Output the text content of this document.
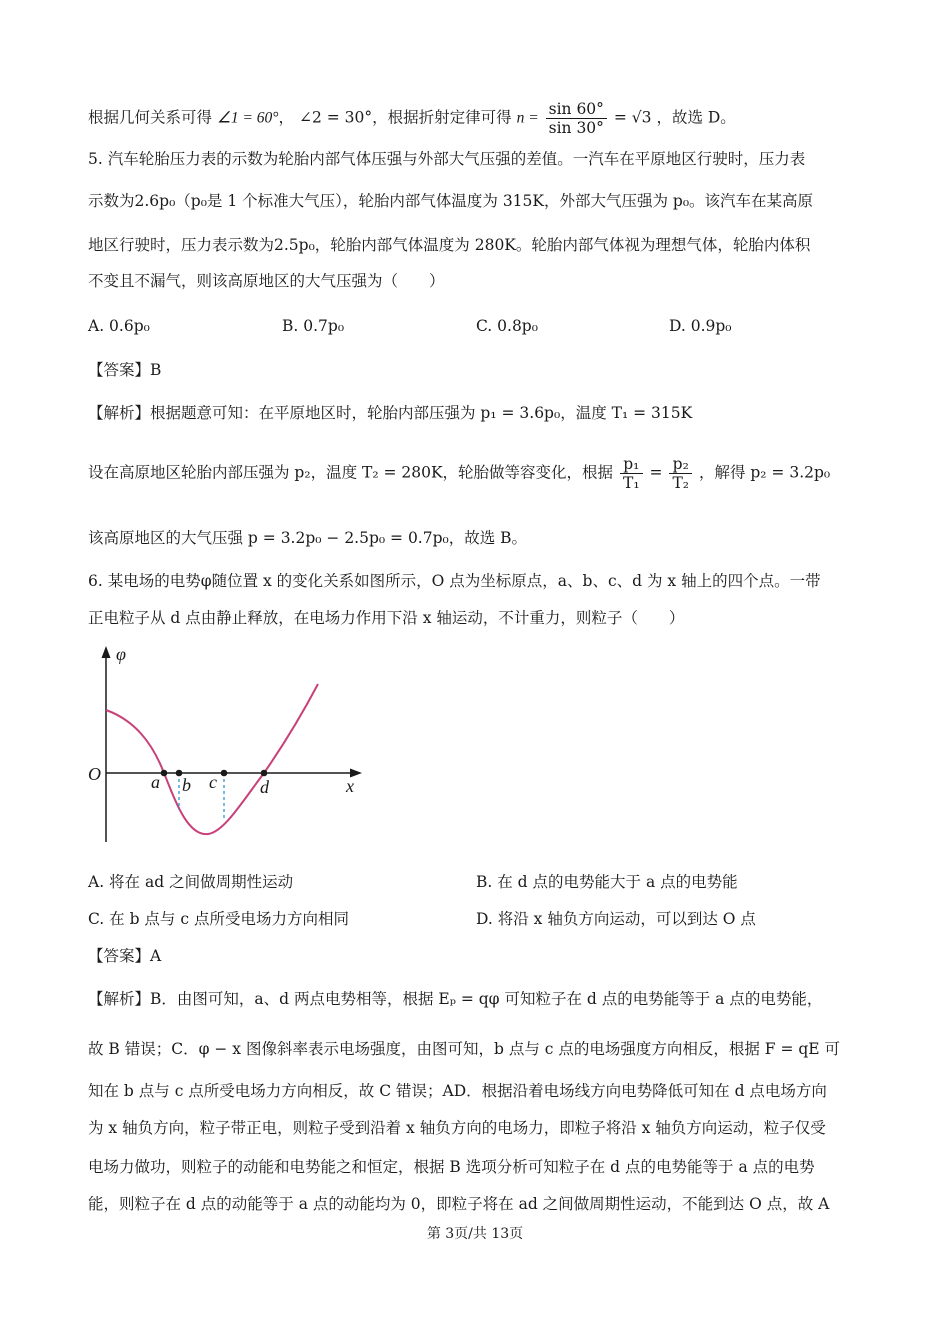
根据几何关系可得 ∠1 = 60°， ∠2 = 30°，根据折射定律可得 $n = \frac{\sin 60^\circ}{\sin 30^\circ} = √3$ ，故选 D。
5. 汽车轮胎压力表的示数为轮胎内部气体压强与外部大气压强的差值。一汽车在平原地区行驶时，压力表
示数为2.6p₀（p₀是 1 个标准大气压），轮胎内部气体温度为 315K，外部大气压强为 p₀。该汽车在某高原
地区行驶时，压力表示数为2.5p₀，轮胎内部气体温度为 280K。轮胎内部气体视为理想气体，轮胎内体积
不变且不漏气，则该高原地区的大气压强为（　　）
A. 0.6p₀	B. 0.7p₀	C. 0.8p₀	D. 0.9p₀
【答案】B
【解析】根据题意可知：在平原地区时，轮胎内部压强为 p₁ = 3.6p₀，温度 T₁ = 315K
设在高原地区轮胎内部压强为 p₂，温度 T₂ = 280K，轮胎做等容变化，根据 $\frac{\text{p₁}}{\text{T₁}} = \frac{\text{p₂}}{\text{T₂}}$ ，解得 p₂ = 3.2p₀
该高原地区的大气压强 p = 3.2p₀ − 2.5p₀ = 0.7p₀，故选 B。
6. 某电场的电势φ随位置 x 的变化关系如图所示，O 点为坐标原点，a、b、c、d 为 x 轴上的四个点。一带
正电粒子从 d 点由静止释放，在电场力作用下沿 x 轴运动，不计重力，则粒子（　　）
φ
O
x
a b c d
A. 将在 ad 之间做周期性运动	B. 在 d 点的电势能大于 a 点的电势能
C. 在 b 点与 c 点所受电场力方向相同	D. 将沿 x 轴负方向运动，可以到达 O 点
【答案】A
【解析】B．由图可知，a、d 两点电势相等，根据 Eₚ = qφ 可知粒子在 d 点的电势能等于 a 点的电势能，
故 B 错误；C．φ − x 图像斜率表示电场强度，由图可知，b 点与 c 点的电场强度方向相反，根据 F = qE 可
知在 b 点与 c 点所受电场力方向相反，故 C 错误；AD．根据沿着电场线方向电势降低可知在 d 点电场方向
为 x 轴负方向，粒子带正电，则粒子受到沿着 x 轴负方向的电场力，即粒子将沿 x 轴负方向运动，粒子仅受
电场力做功，则粒子的动能和电势能之和恒定，根据 B 选项分析可知粒子在 d 点的电势能等于 a 点的电势
能，则粒子在 d 点的动能等于 a 点的动能均为 0，即粒子将在 ad 之间做周期性运动，不能到达 O 点，故 A
第 3页/共 13页
